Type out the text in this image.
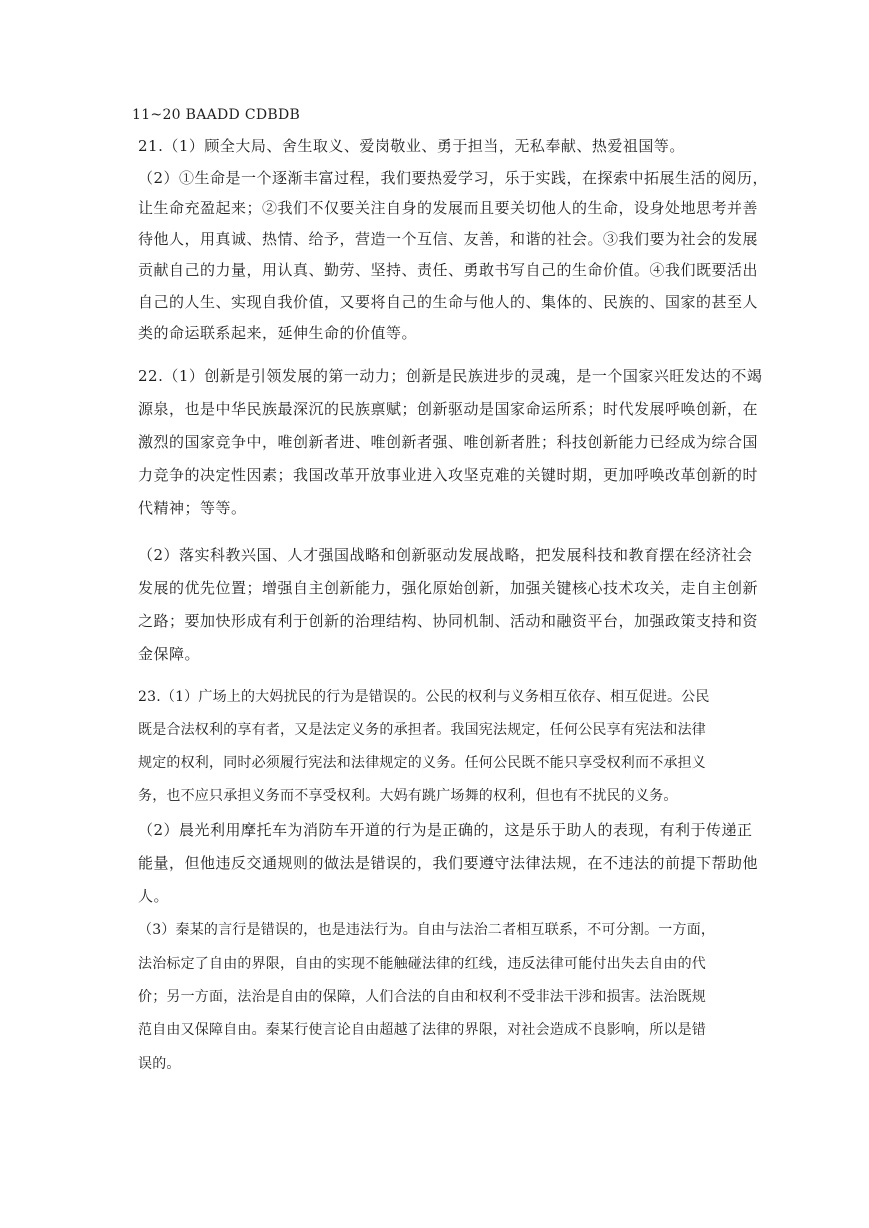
11~20 BAADD CDBDB
21.（1）顾全大局、舍生取义、爱岗敬业、勇于担当，无私奉献、热爱祖国等。
（2）①生命是一个逐渐丰富过程，我们要热爱学习，乐于实践，在探索中拓展生活的阅历，
让生命充盈起来；②我们不仅要关注自身的发展而且要关切他人的生命，设身处地思考并善
待他人，用真诚、热情、给予，营造一个互信、友善，和谐的社会。③我们要为社会的发展
贡献自己的力量，用认真、勤劳、坚持、责任、勇敢书写自己的生命价值。④我们既要活出
自己的人生、实现自我价值，又要将自己的生命与他人的、集体的、民族的、国家的甚至人
类的命运联系起来，延伸生命的价值等。
22.（1）创新是引领发展的第一动力；创新是民族进步的灵魂，是一个国家兴旺发达的不竭
源泉，也是中华民族最深沉的民族禀赋；创新驱动是国家命运所系；时代发展呼唤创新，在
激烈的国家竞争中，唯创新者进、唯创新者强、唯创新者胜；科技创新能力已经成为综合国
力竞争的决定性因素；我国改革开放事业进入攻坚克难的关键时期，更加呼唤改革创新的时
代精神；等等。
（2）落实科教兴国、人才强国战略和创新驱动发展战略，把发展科技和教育摆在经济社会
发展的优先位置；增强自主创新能力，强化原始创新，加强关键核心技术攻关，走自主创新
之路；要加快形成有利于创新的治理结构、协同机制、活动和融资平台，加强政策支持和资
金保障。
23.（1）广场上的大妈扰民的行为是错误的。公民的权利与义务相互依存、相互促进。公民
既是合法权利的享有者，又是法定义务的承担者。我国宪法规定，任何公民享有宪法和法律
规定的权利，同时必须履行宪法和法律规定的义务。任何公民既不能只享受权利而不承担义
务，也不应只承担义务而不享受权利。大妈有跳广场舞的权利，但也有不扰民的义务。
（2）晨光利用摩托车为消防车开道的行为是正确的，这是乐于助人的表现，有利于传递正
能量，但他违反交通规则的做法是错误的，我们要遵守法律法规，在不违法的前提下帮助他
人。
（3）秦某的言行是错误的，也是违法行为。自由与法治二者相互联系，不可分割。一方面，
法治标定了自由的界限，自由的实现不能触碰法律的红线，违反法律可能付出失去自由的代
价；另一方面，法治是自由的保障，人们合法的自由和权利不受非法干涉和损害。法治既规
范自由又保障自由。秦某行使言论自由超越了法律的界限，对社会造成不良影响，所以是错
误的。
